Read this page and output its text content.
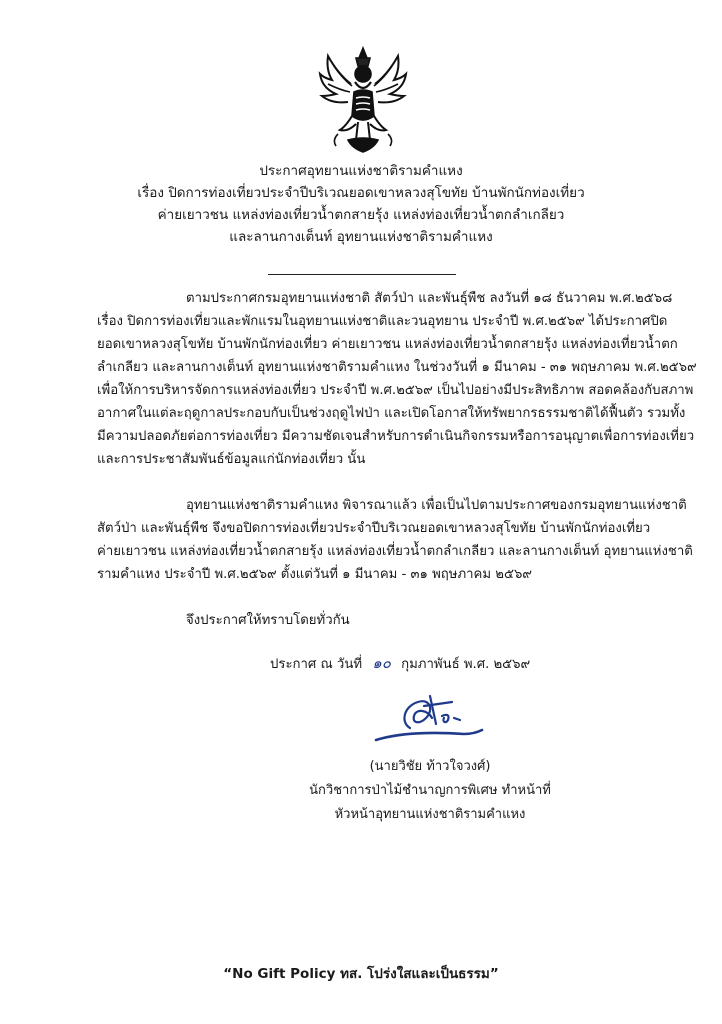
ประกาศอุทยานแห่งชาติรามคำแหง
เรื่อง ปิดการท่องเที่ยวประจำปีบริเวณยอดเขาหลวงสุโขทัย บ้านพักนักท่องเที่ยว
ค่ายเยาวชน แหล่งท่องเที่ยวน้ำตกสายรุ้ง แหล่งท่องเที่ยวน้ำตกลำเกลียว
และลานกางเต็นท์ อุทยานแห่งชาติรามคำแหง
ตามประกาศกรมอุทยานแห่งชาติ สัตว์ป่า และพันธุ์พืช ลงวันที่ ๑๘ ธันวาคม พ.ศ.๒๕๖๘
เรื่อง ปิดการท่องเที่ยวและพักแรมในอุทยานแห่งชาติและวนอุทยาน ประจำปี พ.ศ.๒๕๖๙ ได้ประกาศปิด
ยอดเขาหลวงสุโขทัย บ้านพักนักท่องเที่ยว ค่ายเยาวชน แหล่งท่องเที่ยวน้ำตกสายรุ้ง แหล่งท่องเที่ยวน้ำตก
ลำเกลียว และลานกางเต็นท์ อุทยานแห่งชาติรามคำแหง ในช่วงวันที่ ๑ มีนาคม - ๓๑ พฤษภาคม พ.ศ.๒๕๖๙
เพื่อให้การบริหารจัดการแหล่งท่องเที่ยว ประจำปี พ.ศ.๒๕๖๙ เป็นไปอย่างมีประสิทธิภาพ สอดคล้องกับสภาพ
อากาศในแต่ละฤดูกาลประกอบกับเป็นช่วงฤดูไฟป่า และเปิดโอกาสให้ทรัพยากรธรรมชาติได้ฟื้นตัว รวมทั้ง
มีความปลอดภัยต่อการท่องเที่ยว มีความชัดเจนสำหรับการดำเนินกิจกรรมหรือการอนุญาตเพื่อการท่องเที่ยว
และการประชาสัมพันธ์ข้อมูลแก่นักท่องเที่ยว นั้น
อุทยานแห่งชาติรามคำแหง พิจารณาแล้ว เพื่อเป็นไปตามประกาศของกรมอุทยานแห่งชาติ
สัตว์ป่า และพันธุ์พืช จึงขอปิดการท่องเที่ยวประจำปีบริเวณยอดเขาหลวงสุโขทัย บ้านพักนักท่องเที่ยว
ค่ายเยาวชน แหล่งท่องเที่ยวน้ำตกสายรุ้ง แหล่งท่องเที่ยวน้ำตกลำเกลียว และลานกางเต็นท์ อุทยานแห่งชาติ
รามคำแหง ประจำปี พ.ศ.๒๕๖๙ ตั้งแต่วันที่ ๑ มีนาคม - ๓๑ พฤษภาคม ๒๕๖๙
จึงประกาศให้ทราบโดยทั่วกัน
ประกาศ ณ วันที่ ๑๐ กุมภาพันธ์ พ.ศ. ๒๕๖๙
(นายวิชัย ท้าวใจวงศ์)
นักวิชาการป่าไม้ชำนาญการพิเศษ ทำหน้าที่
หัวหน้าอุทยานแห่งชาติรามคำแหง
“No Gift Policy ทส. โปร่งใสและเป็นธรรม”
